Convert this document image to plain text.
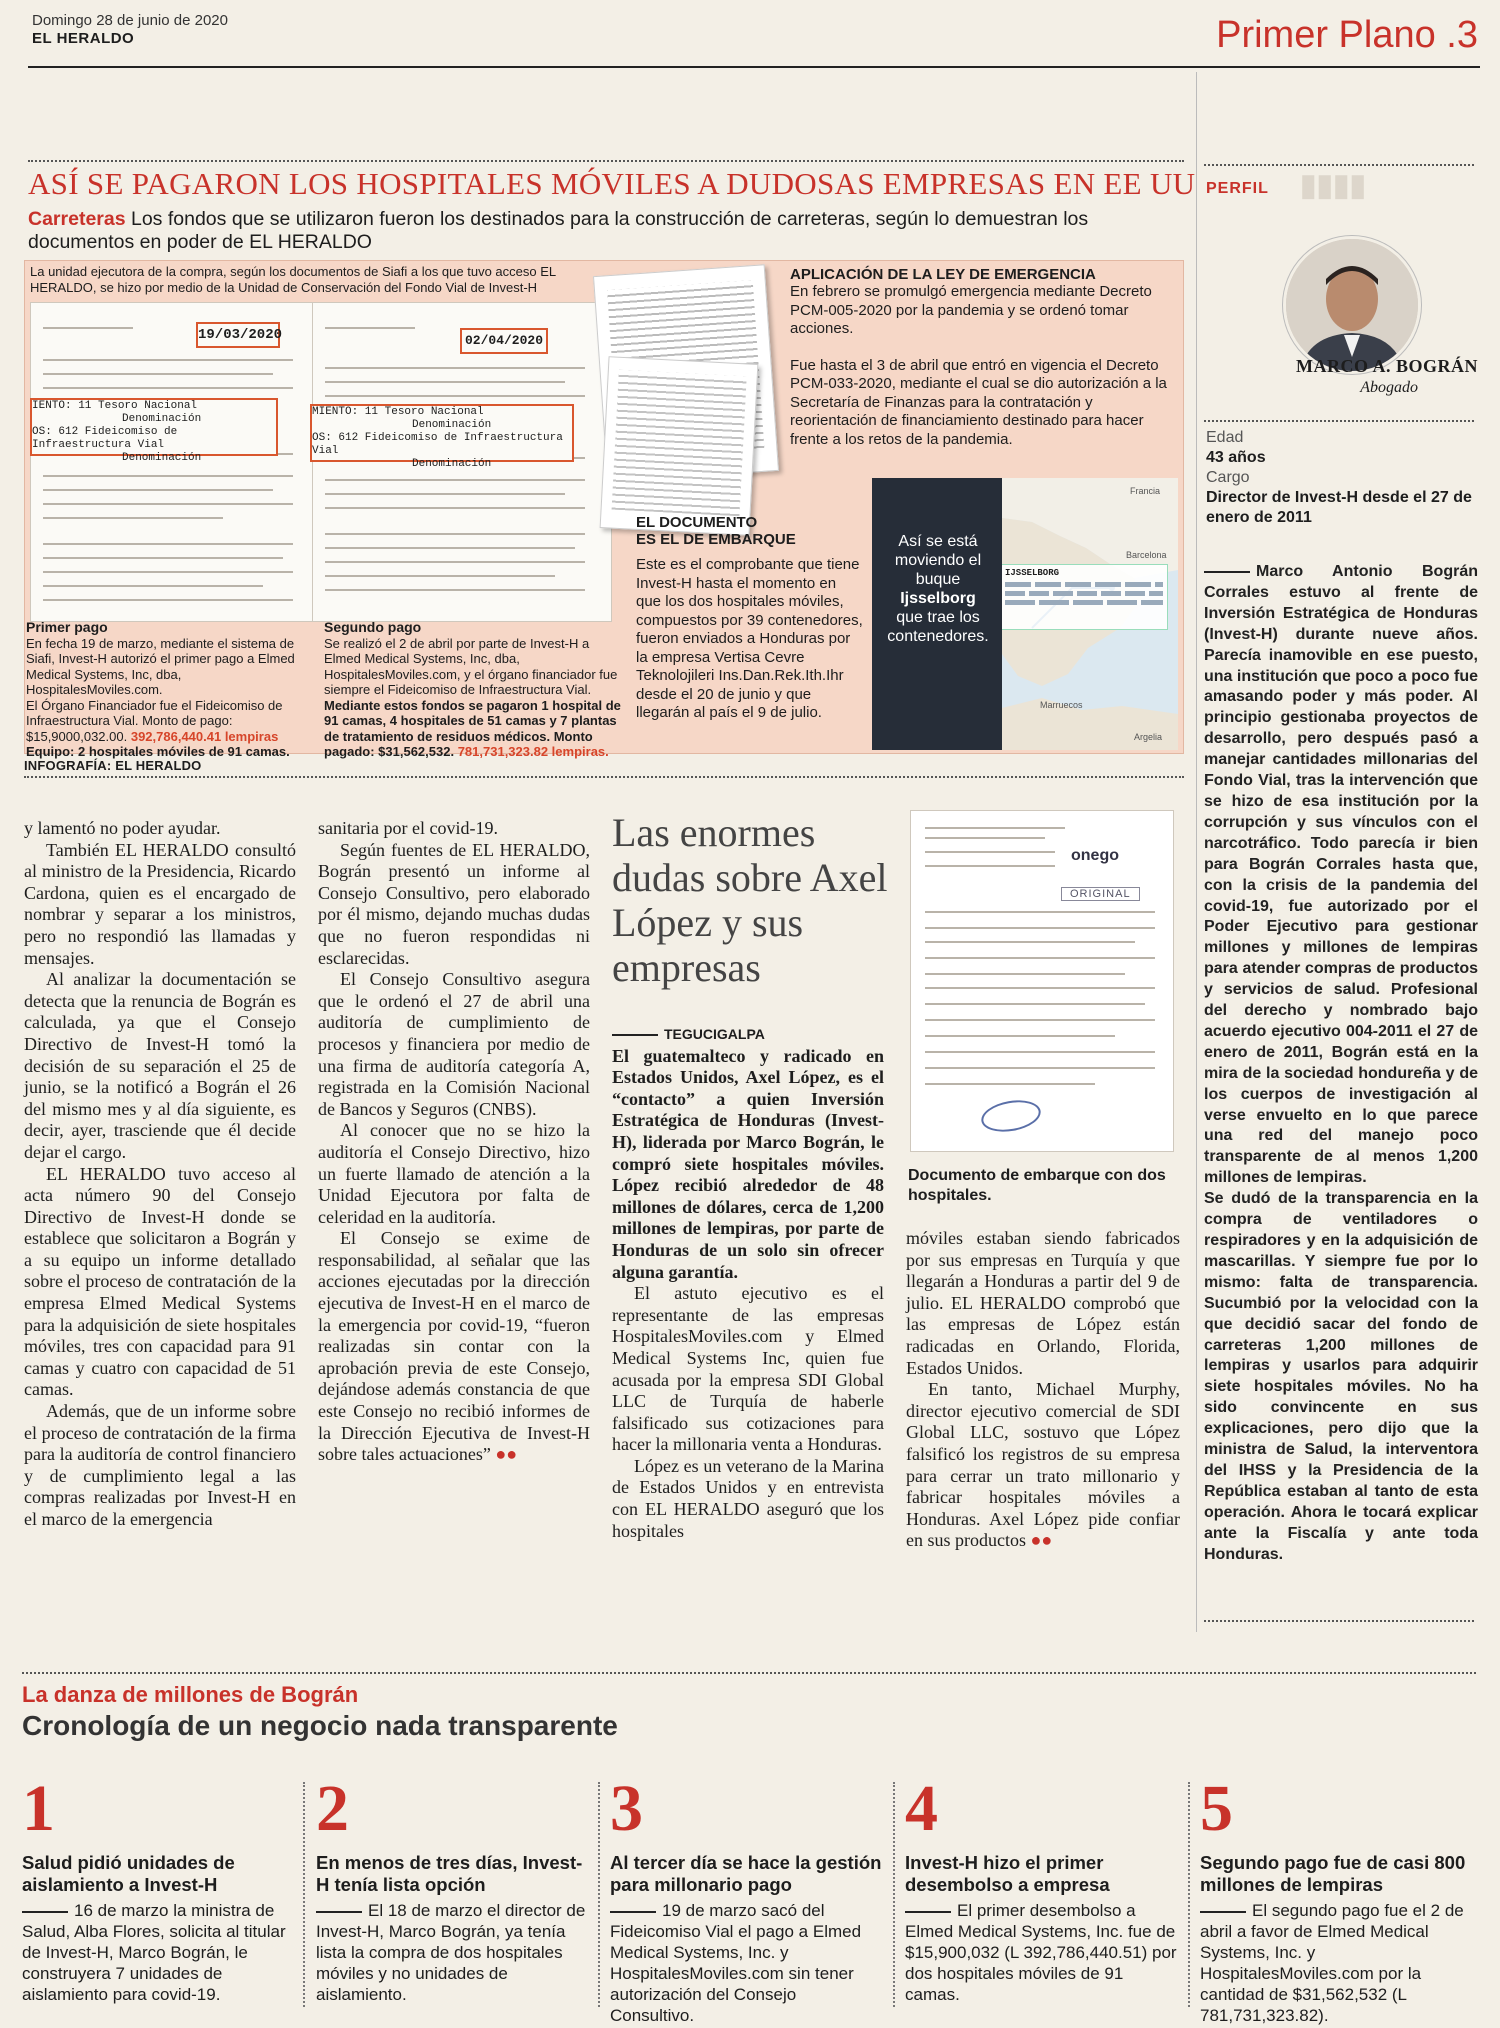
Domingo 28 de junio de 2020
EL HERALDO	Primer Plano .3
ASÍ SE PAGARON LOS HOSPITALES MÓVILES A DUDOSAS EMPRESAS EN EE UU
Carreteras Los fondos que se utilizaron fueron los destinados para la construcción de carreteras, según lo demuestran los documentos en poder de EL HERALDO
La unidad ejecutora de la compra, según los documentos de Siafi a los que tuvo acceso EL HERALDO, se hizo por medio de la Unidad de Conservación del Fondo Vial de Invest-H
19/03/2020
IENTO: 11 Tesoro Nacional
Denominación
OS: 612 Fideicomiso de Infraestructura Vial
Denominación
02/04/2020
MIENTO: 11 Tesoro Nacional
Denominación
OS: 612 Fideicomiso de Infraestructura Vial
Denominación
Primer pago
En fecha 19 de marzo, mediante el sistema de Siafi, Invest-H autorizó el primer pago a Elmed Medical Systems, Inc, dba, HospitalesMoviles.com.
El Órgano Financiador fue el Fideicomiso de Infraestructura Vial. Monto de pago: $15,9000,032.00. 392,786,440.41 lempiras
Equipo: 2 hospitales móviles de 91 camas.
Segundo pago
Se realizó el 2 de abril por parte de Invest-H a Elmed Medical Systems, Inc, dba, HospitalesMoviles.com, y el órgano financiador fue siempre el Fideicomiso de Infraestructura Vial.
Mediante estos fondos se pagaron 1 hospital de 91 camas, 4 hospitales de 51 camas y 7 plantas de tratamiento de residuos médicos. Monto pagado: $31,562,532. 781,731,323.82 lempiras.
APLICACIÓN DE LA LEY DE EMERGENCIA
En febrero se promulgó emergencia mediante Decreto PCM-005-2020 por la pandemia y se ordenó tomar acciones.
Fue hasta el 3 de abril que entró en vigencia el Decreto PCM-033-2020, mediante el cual se dio autorización a la Secretaría de Finanzas para la contratación y reorientación de financiamiento destinado para hacer frente a los retos de la pandemia.
EL DOCUMENTO
ES EL DE EMBARQUE
Este es el comprobante que tiene Invest-H hasta el momento en que los dos hospitales móviles, compuestos por 39 contenedores, fueron enviados a Honduras por la empresa Vertisa Cevre Teknolojileri Ins.Dan.Rek.Ith.Ihr desde el 20 de junio y que llegarán al país el 9 de julio.
IJSSELBORG
Francia
Barcelona
Marruecos
Argelia
Así se está moviendo el buque
Ijsselborg
que trae los contenedores.
INFOGRAFÍA: EL HERALDO

y lamentó no poder ayudar.

También EL HERALDO consultó al ministro de la Presidencia, Ricardo Cardona, quien es el encargado de nombrar y separar a los ministros, pero no respondió las llamadas y mensajes.

Al analizar la documentación se detecta que la renuncia de Bográn es calculada, ya que el Consejo Directivo de Invest-H tomó la decisión de su separación el 25 de junio, se la notificó a Bográn el 26 del mismo mes y al día siguiente, es decir, ayer, trasciende que él decide dejar el cargo.

EL HERALDO tuvo acceso al acta número 90 del Consejo Directivo de Invest-H donde se establece que solicitaron a Bográn y a su equipo un informe detallado sobre el proceso de contratación de la empresa Elmed Medical Systems para la adquisición de siete hospitales móviles, tres con capacidad para 91 camas y cuatro con capacidad de 51 camas.

Además, que de un informe sobre el proceso de contratación de la firma para la auditoría de control financiero y de cumplimiento legal a las compras realizadas por Invest-H en el marco de la emergencia

sanitaria por el covid-19.

Según fuentes de EL HERALDO, Bográn presentó un informe al Consejo Consultivo, pero elaborado por él mismo, dejando muchas dudas que no fueron respondidas ni esclarecidas.

El Consejo Consultivo asegura que le ordenó el 27 de abril una auditoría de cumplimiento de procesos y financiera por medio de una firma de auditoría categoría A, registrada en la Comisión Nacional de Bancos y Seguros (CNBS).

Al conocer que no se hizo la auditoría el Consejo Directivo, hizo un fuerte llamado de atención a la Unidad Ejecutora por falta de celeridad en la auditoría.

El Consejo se exime de responsabilidad, al señalar que las acciones ejecutadas por la dirección ejecutiva de Invest-H en el marco de la emergencia por covid-19, “fueron realizadas sin contar con la aprobación previa de este Consejo, dejándose además constancia de que este Consejo no recibió informes de la Dirección Ejecutiva de Invest-H sobre tales actuaciones” ●●

Las enormes dudas sobre Axel López y sus empresas

TEGUCIGALPA

El guatemalteco y radicado en Estados Unidos, Axel López, es el “contacto” a quien Inversión Estratégica de Honduras (Invest-H), liderada por Marco Bográn, le compró siete hospitales móviles. López recibió alrededor de 48 millones de dólares, cerca de 1,200 millones de lempiras, por parte de Honduras de un solo sin ofrecer alguna garantía.

El astuto ejecutivo es el representante de las empresas HospitalesMoviles.com y Elmed Medical Systems Inc, quien fue acusada por la empresa SDI Global LLC de Turquía de haberle falsificado sus cotizaciones para hacer la millonaria venta a Honduras.

López es un veterano de la Marina de Estados Unidos y en entrevista con EL HERALDO aseguró que los hospitales

onego
ORIGINAL
Documento de embarque con dos hospitales.

móviles estaban siendo fabricados por sus empresas en Turquía y que llegarán a Honduras a partir del 9 de julio. EL HERALDO comprobó que las empresas de López están radicadas en Orlando, Florida, Estados Unidos.

En tanto, Michael Murphy, director ejecutivo comercial de SDI Global LLC, sostuvo que López falsificó los registros de su empresa para cerrar un trato millonario y fabricar hospitales móviles a Honduras. Axel López pide confiar en sus productos ●●

▮▮▮▮
PERFIL
MARCO A. BOGRÁN
Abogado
Edad
43 años
Cargo
Director de Invest-H desde el 27 de enero de 2011

Marco Antonio Bográn Corrales estuvo al frente de Inversión Estratégica de Honduras (Invest-H) durante nueve años. Parecía inamovible en ese puesto, una institución que poco a poco fue amasando poder y más poder. Al principio gestionaba proyectos de desarrollo, pero después pasó a manejar cantidades millonarias del Fondo Vial, tras la intervención que se hizo de esa institución por la corrupción y sus vínculos con el narcotráfico. Todo parecía ir bien para Bográn Corrales hasta que, con la crisis de la pandemia del covid-19, fue autorizado por el Poder Ejecutivo para gestionar millones y millones de lempiras para atender compras de productos y servicios de salud. Profesional del derecho y nombrado bajo acuerdo ejecutivo 004-2011 el 27 de enero de 2011, Bográn está en la mira de la sociedad hondureña y de los cuerpos de investigación al verse envuelto en lo que parece una red del manejo poco transparente de al menos 1,200 millones de lempiras.

Se dudó de la transparencia en la compra de ventiladores o respiradores y en la adquisición de mascarillas. Y siempre fue por lo mismo: falta de transparencia. Sucumbió por la velocidad con la que decidió sacar del fondo de carreteras 1,200 millones de lempiras y usarlos para adquirir siete hospitales móviles. No ha sido convincente en sus explicaciones, pero dijo que la ministra de Salud, la interventora del IHSS y la Presidencia de la República estaban al tanto de esta operación. Ahora le tocará explicar ante la Fiscalía y ante toda Honduras.

La danza de millones de Bográn
Cronología de un negocio nada transparente
1
Salud pidió unidades de aislamiento a Invest-H
16 de marzo la ministra de Salud, Alba Flores, solicita al titular de Invest-H, Marco Bográn, le construyera 7 unidades de aislamiento para covid-19.
2
En menos de tres días, Invest-H tenía lista opción
El 18 de marzo el director de Invest-H, Marco Bográn, ya tenía lista la compra de dos hospitales móviles y no unidades de aislamiento.
3
Al tercer día se hace la gestión para millonario pago
19 de marzo sacó del Fideicomiso Vial el pago a Elmed Medical Systems, Inc. y HospitalesMoviles.com sin tener autorización del Consejo Consultivo.
4
Invest-H hizo el primer desembolso a empresa
El primer desembolso a Elmed Medical Systems, Inc. fue de $15,900,032 (L 392,786,440.51) por dos hospitales móviles de 91 camas.
5
Segundo pago fue de casi 800 millones de lempiras
El segundo pago fue el 2 de abril a favor de Elmed Medical Systems, Inc. y HospitalesMoviles.com por la cantidad de $31,562,532 (L 781,731,323.82).
